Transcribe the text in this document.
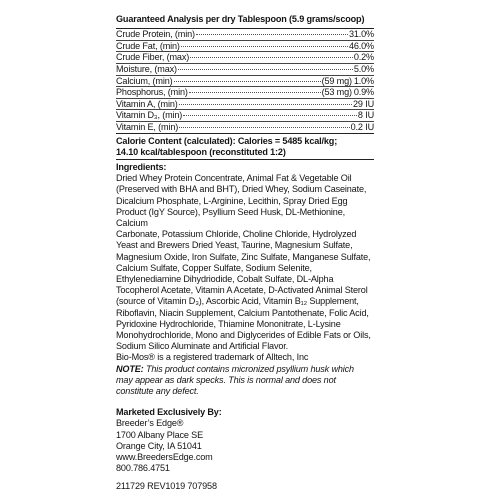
Guaranteed Analysis per dry Tablespoon (5.9 grams/scoop)
Crude Protein, (min)	31.0%
Crude Fat, (min)	46.0%
Crude Fiber, (max)	0.2%
Moisture, (max)	5.0%
Calcium, (min)	(59 mg) 1.0%
Phosphorus, (min)	(53 mg) 0.9%
Vitamin A, (min)	29 IU
Vitamin D₃, (min)	8 IU
Vitamin E, (min)	0.2 IU
Calorie Content (calculated): Calories = 5485 kcal/kg;
14.10 kcal/tablespoon (reconstituted 1:2)
Ingredients:
Dried Whey Protein Concentrate, Animal Fat & Vegetable Oil
(Preserved with BHA and BHT), Dried Whey, Sodium Caseinate,
Dicalcium Phosphate, L-Arginine, Lecithin, Spray Dried Egg
Product (IgY Source), Psyllium Seed Husk, DL-Methionine, Calcium
Carbonate, Potassium Chloride, Choline Chloride, Hydrolyzed
Yeast and Brewers Dried Yeast, Taurine, Magnesium Sulfate,
Magnesium Oxide, Iron Sulfate, Zinc Sulfate, Manganese Sulfate,
Calcium Sulfate, Copper Sulfate, Sodium Selenite,
Ethylenediamine Dihydriodide, Cobalt Sulfate, DL-Alpha
Tocopherol Acetate, Vitamin A Acetate, D-Activated Animal Sterol
(source of Vitamin D₃), Ascorbic Acid, Vitamin B₁₂ Supplement,
Riboflavin, Niacin Supplement, Calcium Pantothenate, Folic Acid,
Pyridoxine Hydrochloride, Thiamine Mononitrate, L-Lysine
Monohydrochloride, Mono and Diglycerides of Edible Fats or Oils,
Sodium Silico Aluminate and Artificial Flavor.
Bio-Mos® is a registered trademark of Alltech, Inc
NOTE: This product contains micronized psyllium husk which
may appear as dark specks. This is normal and does not
constitute any defect.
Marketed Exclusively By:
Breeder’s Edge®
1700 Albany Place SE
Orange City, IA 51041
www.BreedersEdge.com
800.786.4751
211729 REV1019 707958
